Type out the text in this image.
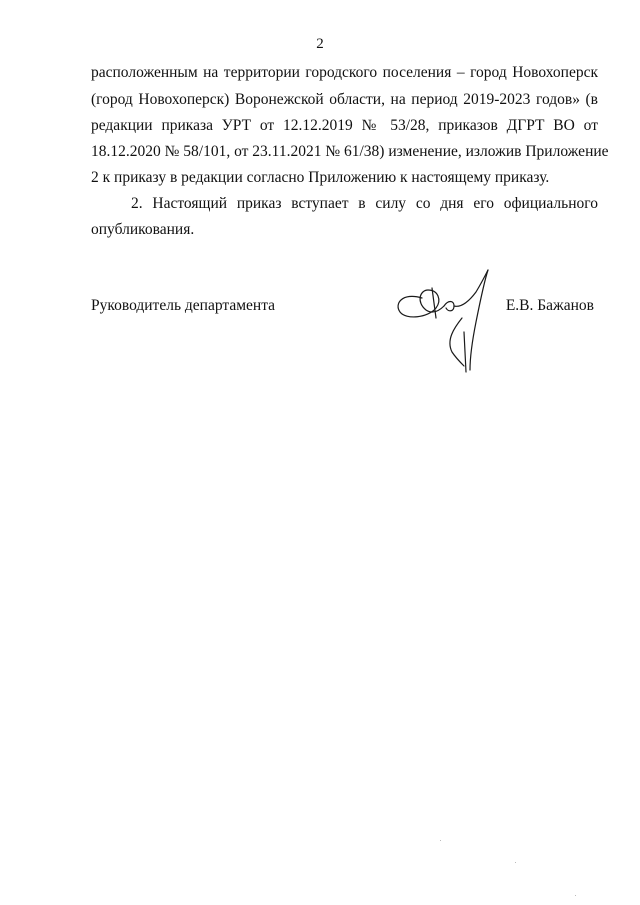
2
расположенным на территории городского поселения – город Новохоперск
(город Новохоперск) Воронежской области, на период 2019-2023 годов» (в
редакции приказа УРТ от 12.12.2019 № 53/28, приказов ДГРТ ВО от
18.12.2020 № 58/101, от 23.11.2021 № 61/38) изменение, изложив Приложение
2 к приказу в редакции согласно Приложению к настоящему приказу.
2. Настоящий приказ вступает в силу со дня его официального
опубликования.
Руководитель департамента	Е.В. Бажанов
